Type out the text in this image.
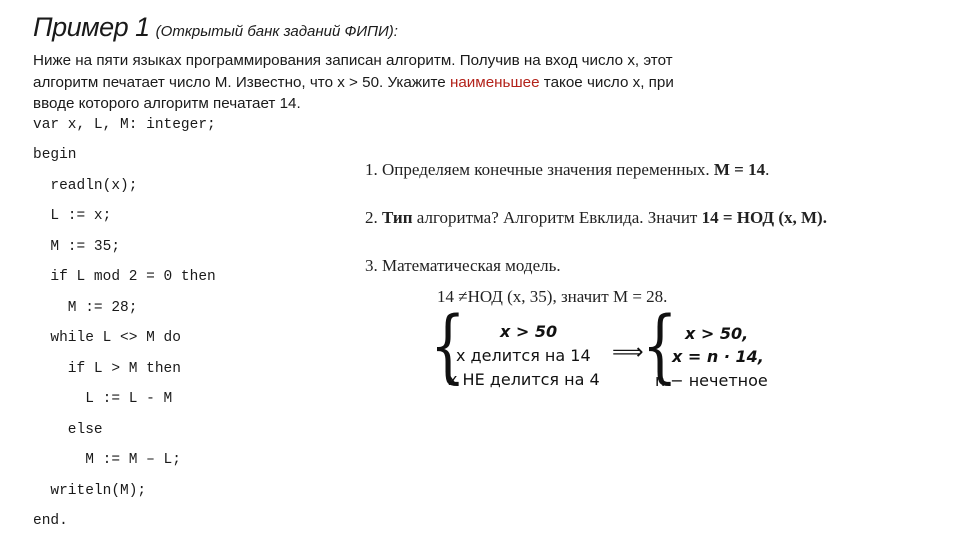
Пример 1 (Открытый банк заданий ФИПИ):
Ниже на пяти языках программирования записан алгоритм. Получив на вход число x, этот
алгоритм печатает число M. Известно, что x > 50. Укажите наименьшее такое число x, при
вводе которого алгоритм печатает 14.
var x, L, M: integer;
begin
readln(x);
L := x;
M := 35;
if L mod 2 = 0 then
M := 28;
while L <> M do
if L > M then
L := L - M
else
M := M – L;
writeln(M);
end.
1. Определяем конечные значения переменных. M = 14.
2. Тип алгоритма? Алгоритм Евклида. Значит 14 = НОД (x, M).
3. Математическая модель.
14 ≠НОД (x, 35), значит M = 28.
{ x > 50
x делится на 14
x НЕ делится на 4
⟹
{ x > 50,
x = n · 14,
n − нечетное
